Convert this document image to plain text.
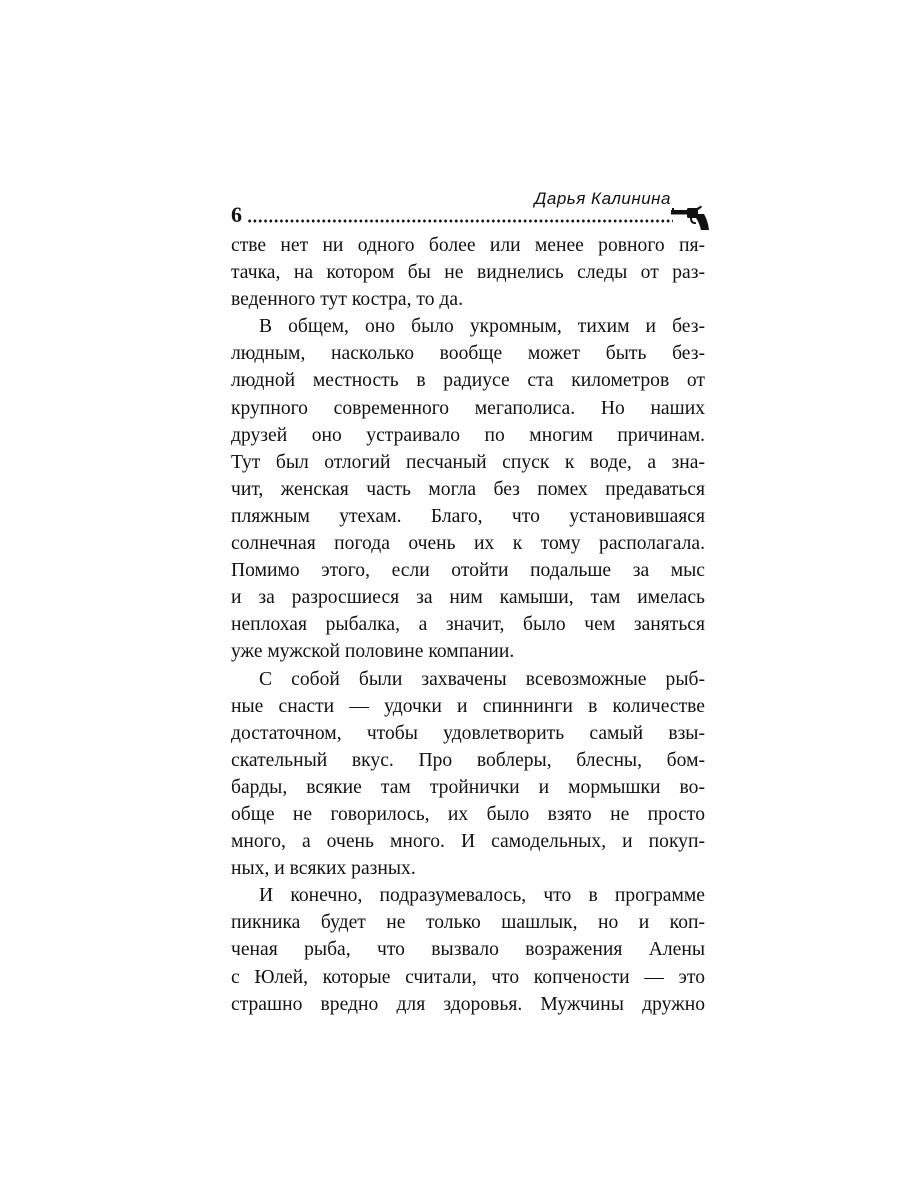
6
Дарья Калинина
стве нет ни одного более или менее ровного пя-
тачка, на котором бы не виднелись следы от раз-
веденного тут костра, то да.
В общем, оно было укромным, тихим и без-
людным, насколько вообще может быть без-
людной местность в радиусе ста километров от
крупного современного мегаполиса. Но наших
друзей оно устраивало по многим причинам.
Тут был отлогий песчаный спуск к воде, а зна-
чит, женская часть могла без помех предаваться
пляжным утехам. Благо, что установившаяся
солнечная погода очень их к тому располагала.
Помимо этого, если отойти подальше за мыс
и за разросшиеся за ним камыши, там имелась
неплохая рыбалка, а значит, было чем заняться
уже мужской половине компании.
С собой были захвачены всевозможные рыб-
ные снасти — удочки и спиннинги в количестве
достаточном, чтобы удовлетворить самый взы-
скательный вкус. Про воблеры, блесны, бом-
барды, всякие там тройнички и мормышки во-
обще не говорилось, их было взято не просто
много, а очень много. И самодельных, и покуп-
ных, и всяких разных.
И конечно, подразумевалось, что в программе
пикника будет не только шашлык, но и коп-
ченая рыба, что вызвало возражения Алены
с Юлей, которые считали, что копчености — это
страшно вредно для здоровья. Мужчины дружно
